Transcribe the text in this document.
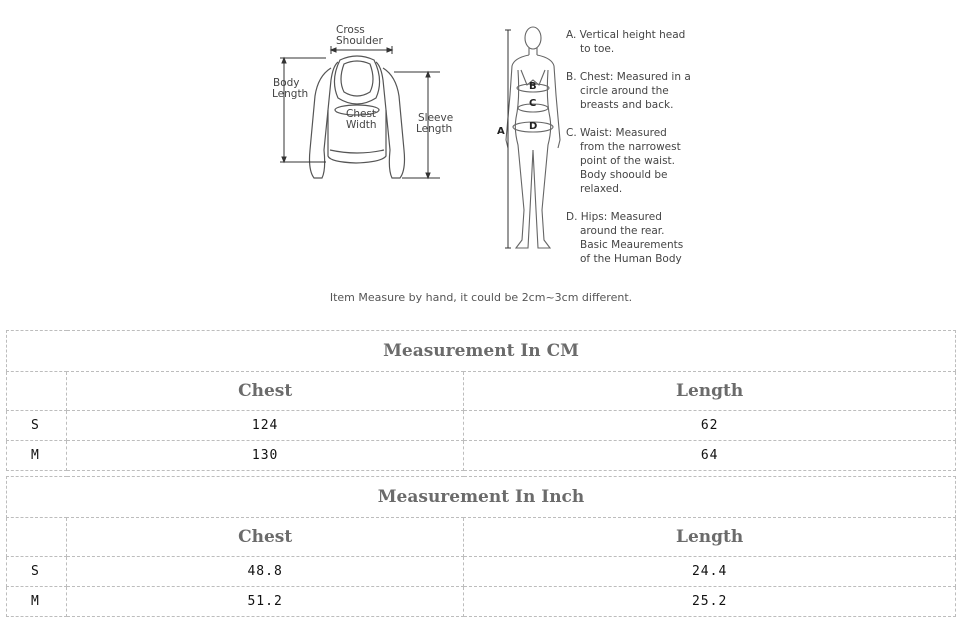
Cross
Shoulder
Body
Length
Chest
Width
Sleeve
Length	A
B
C
D
A. Vertical height head
to toe.
B. Chest: Measured in a
circle around the
breasts and back.
C. Waist: Measured
from the narrowest
point of the waist.
Body shoould be
relaxed.
D. Hips: Measured
around the rear.
Basic Meaurements
of the Human Body
Item Measure by hand, it could be 2cm~3cm different.
Measurement In CM		
	Chest	Length
S	124	62
M	130	64
Measurement In Inch		
	Chest	Length
S	48.8	24.4
M	51.2	25.2
